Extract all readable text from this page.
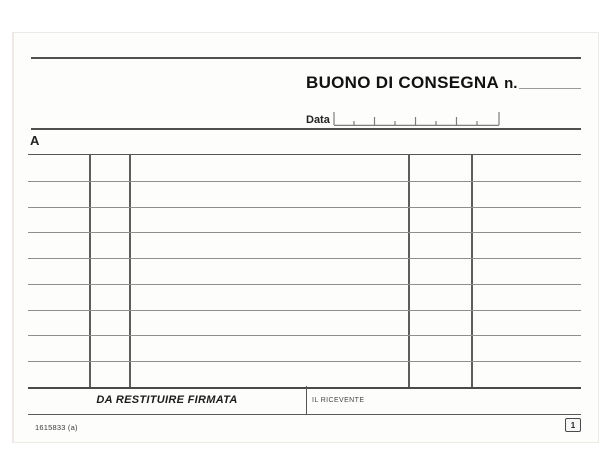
BUONO DI CONSEGNA n.
Data
A
DA RESTITUIRE FIRMATA	IL RICEVENTE
1615833 (a)	1
